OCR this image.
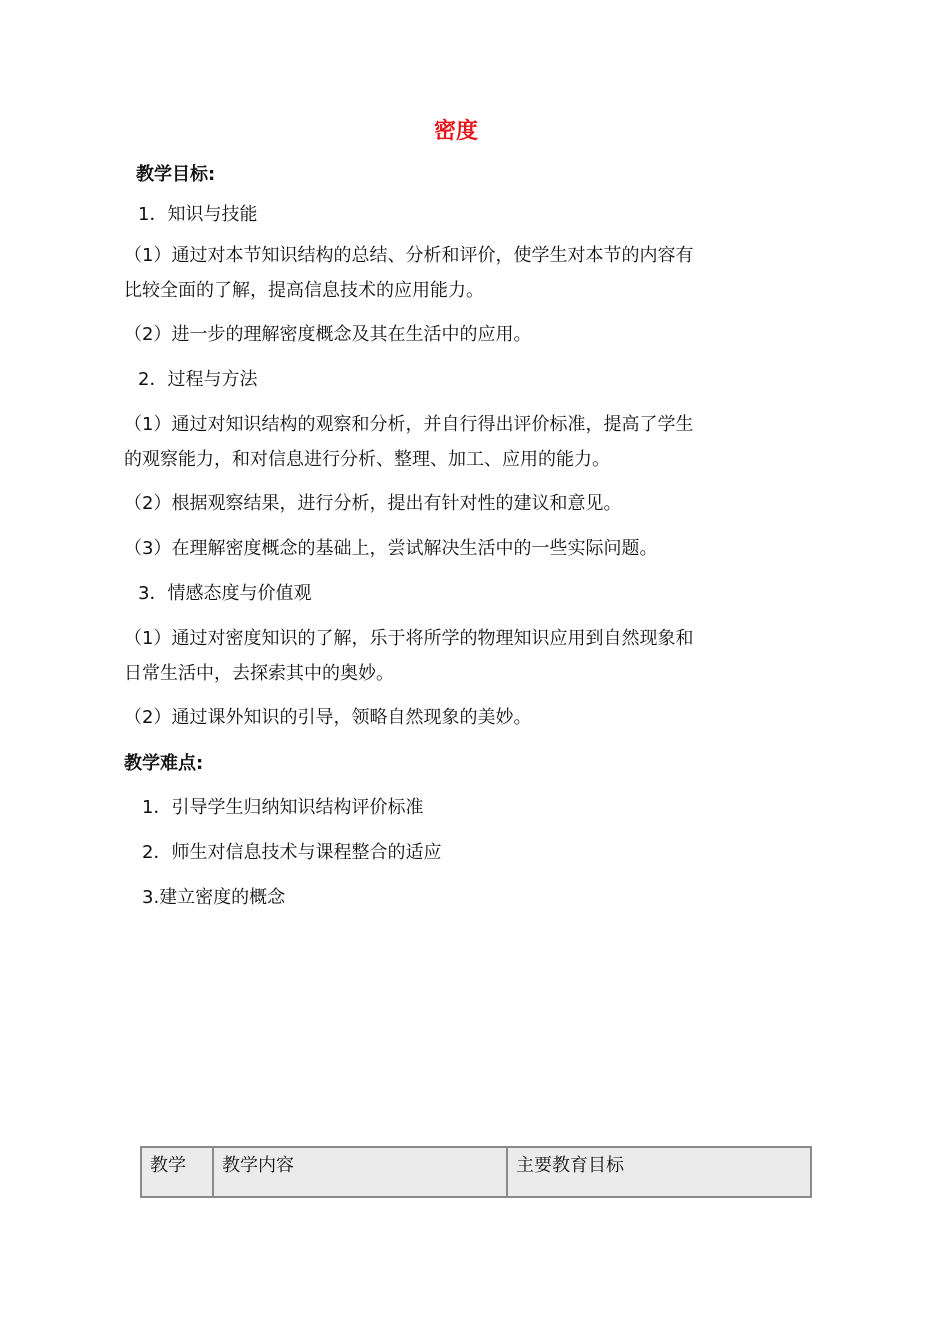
密度
教学目标:
1．知识与技能
（1）通过对本节知识结构的总结、分析和评价，使学生对本节的内容有
比较全面的了解，提高信息技术的应用能力。
（2）进一步的理解密度概念及其在生活中的应用。
2．过程与方法
（1）通过对知识结构的观察和分析，并自行得出评价标准，提高了学生
的观察能力，和对信息进行分析、整理、加工、应用的能力。
（2）根据观察结果，进行分析，提出有针对性的建议和意见。
（3）在理解密度概念的基础上，尝试解决生活中的一些实际问题。
3．情感态度与价值观
（1）通过对密度知识的了解，乐于将所学的物理知识应用到自然现象和
日常生活中，去探索其中的奥妙。
（2）通过课外知识的引导，领略自然现象的美妙。
教学难点:
1．引导学生归纳知识结构评价标准
2．师生对信息技术与课程整合的适应
3.建立密度的概念
教学	教学内容	主要教育目标
